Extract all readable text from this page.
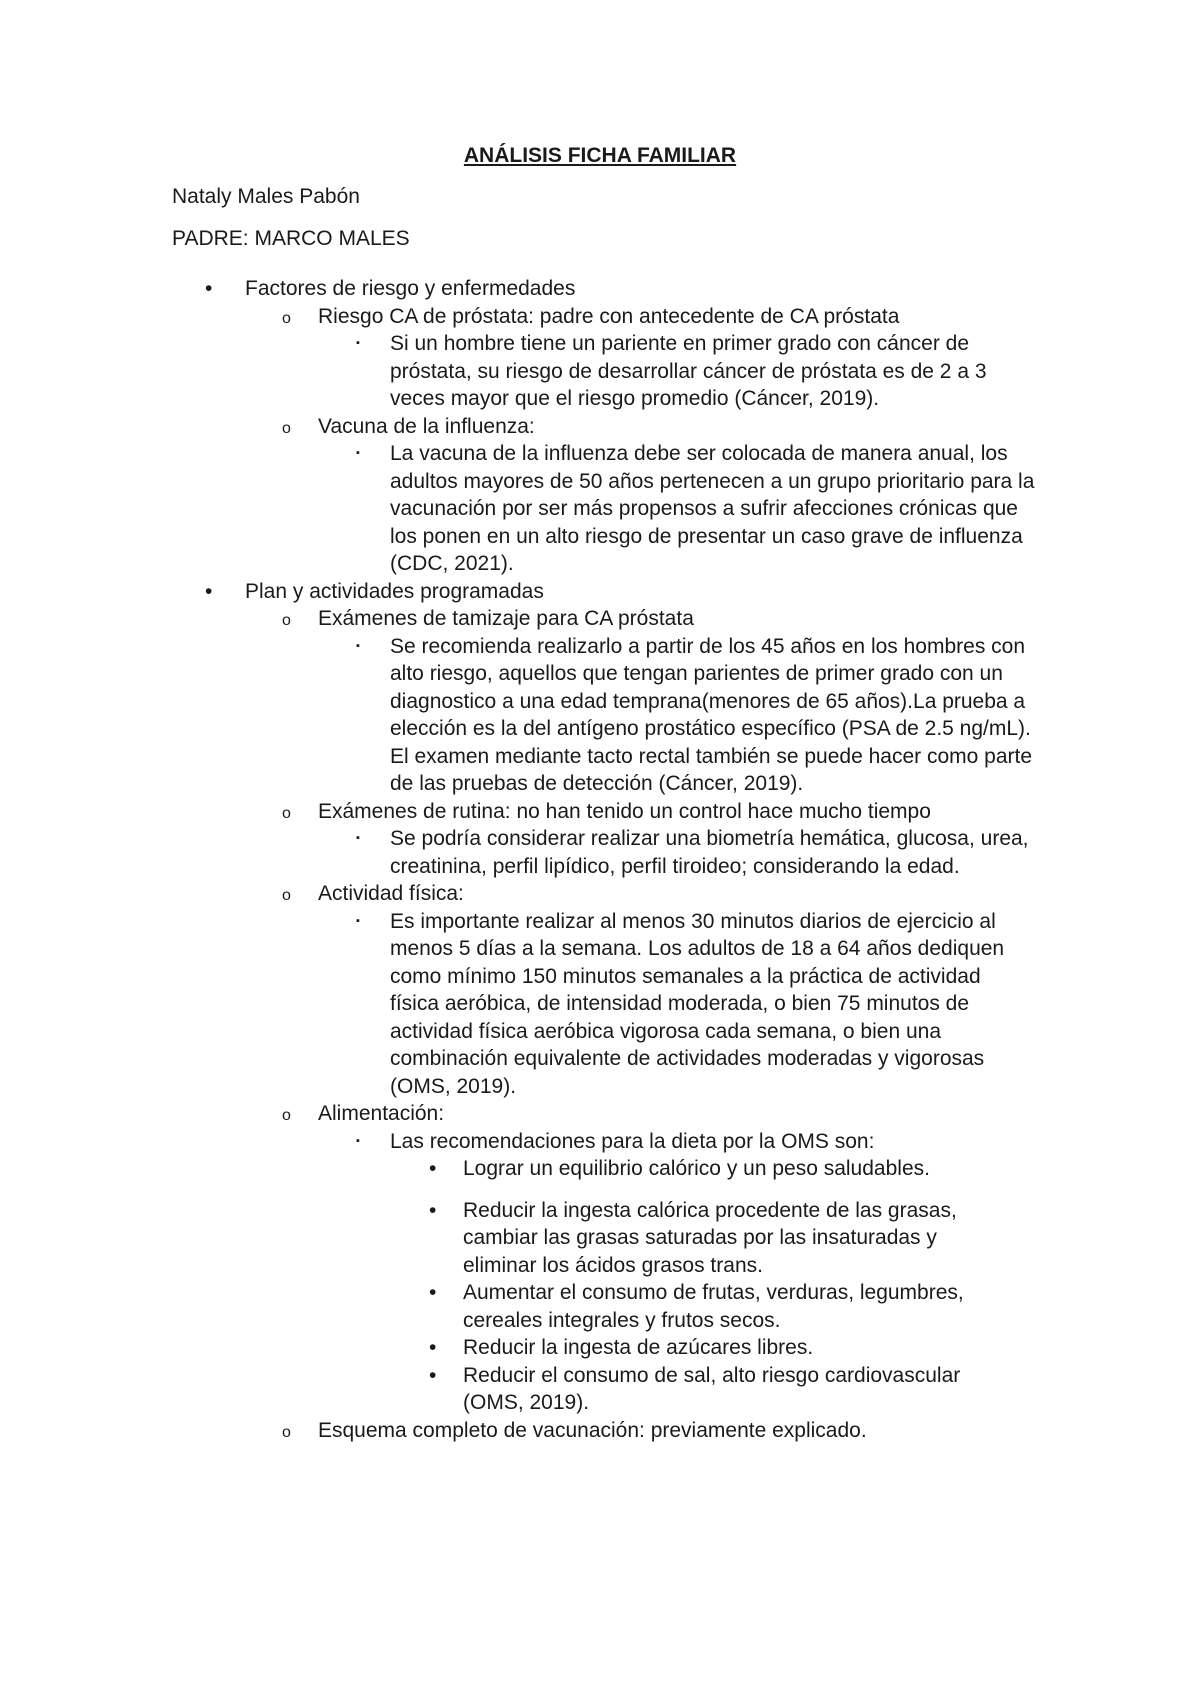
ANÁLISIS FICHA FAMILIAR
Nataly Males Pabón
PADRE: MARCO MALES
• Factores de riesgo y enfermedades
o Riesgo CA de próstata: padre con antecedente de CA próstata
▪ Si un hombre tiene un pariente en primer grado con cáncer de próstata, su riesgo de desarrollar cáncer de próstata es de 2 a 3 veces mayor que el riesgo promedio (Cáncer, 2019).
o Vacuna de la influenza:
▪ La vacuna de la influenza debe ser colocada de manera anual, los adultos mayores de 50 años pertenecen a un grupo prioritario para la vacunación por ser más propensos a sufrir afecciones crónicas que los ponen en un alto riesgo de presentar un caso grave de influenza (CDC, 2021).
• Plan y actividades programadas
o Exámenes de tamizaje para CA próstata
▪ Se recomienda realizarlo a partir de los 45 años en los hombres con alto riesgo, aquellos que tengan parientes de primer grado con un diagnostico a una edad temprana(menores de 65 años).La prueba a elección es la del antígeno prostático específico (PSA de 2.5 ng/mL). El examen mediante tacto rectal también se puede hacer como parte de las pruebas de detección (Cáncer, 2019).
o Exámenes de rutina: no han tenido un control hace mucho tiempo
▪ Se podría considerar realizar una biometría hemática, glucosa, urea, creatinina, perfil lipídico, perfil tiroideo; considerando la edad.
o Actividad física:
▪ Es importante realizar al menos 30 minutos diarios de ejercicio al menos 5 días a la semana. Los adultos de 18 a 64 años dediquen como mínimo 150 minutos semanales a la práctica de actividad física aeróbica, de intensidad moderada, o bien 75 minutos de actividad física aeróbica vigorosa cada semana, o bien una combinación equivalente de actividades moderadas y vigorosas (OMS, 2019).
o Alimentación:
▪ Las recomendaciones para la dieta por la OMS son:
• Lograr un equilibrio calórico y un peso saludables.
• Reducir la ingesta calórica procedente de las grasas, cambiar las grasas saturadas por las insaturadas y eliminar los ácidos grasos trans.
• Aumentar el consumo de frutas, verduras, legumbres, cereales integrales y frutos secos.
• Reducir la ingesta de azúcares libres.
• Reducir el consumo de sal, alto riesgo cardiovascular (OMS, 2019).
o Esquema completo de vacunación: previamente explicado.
